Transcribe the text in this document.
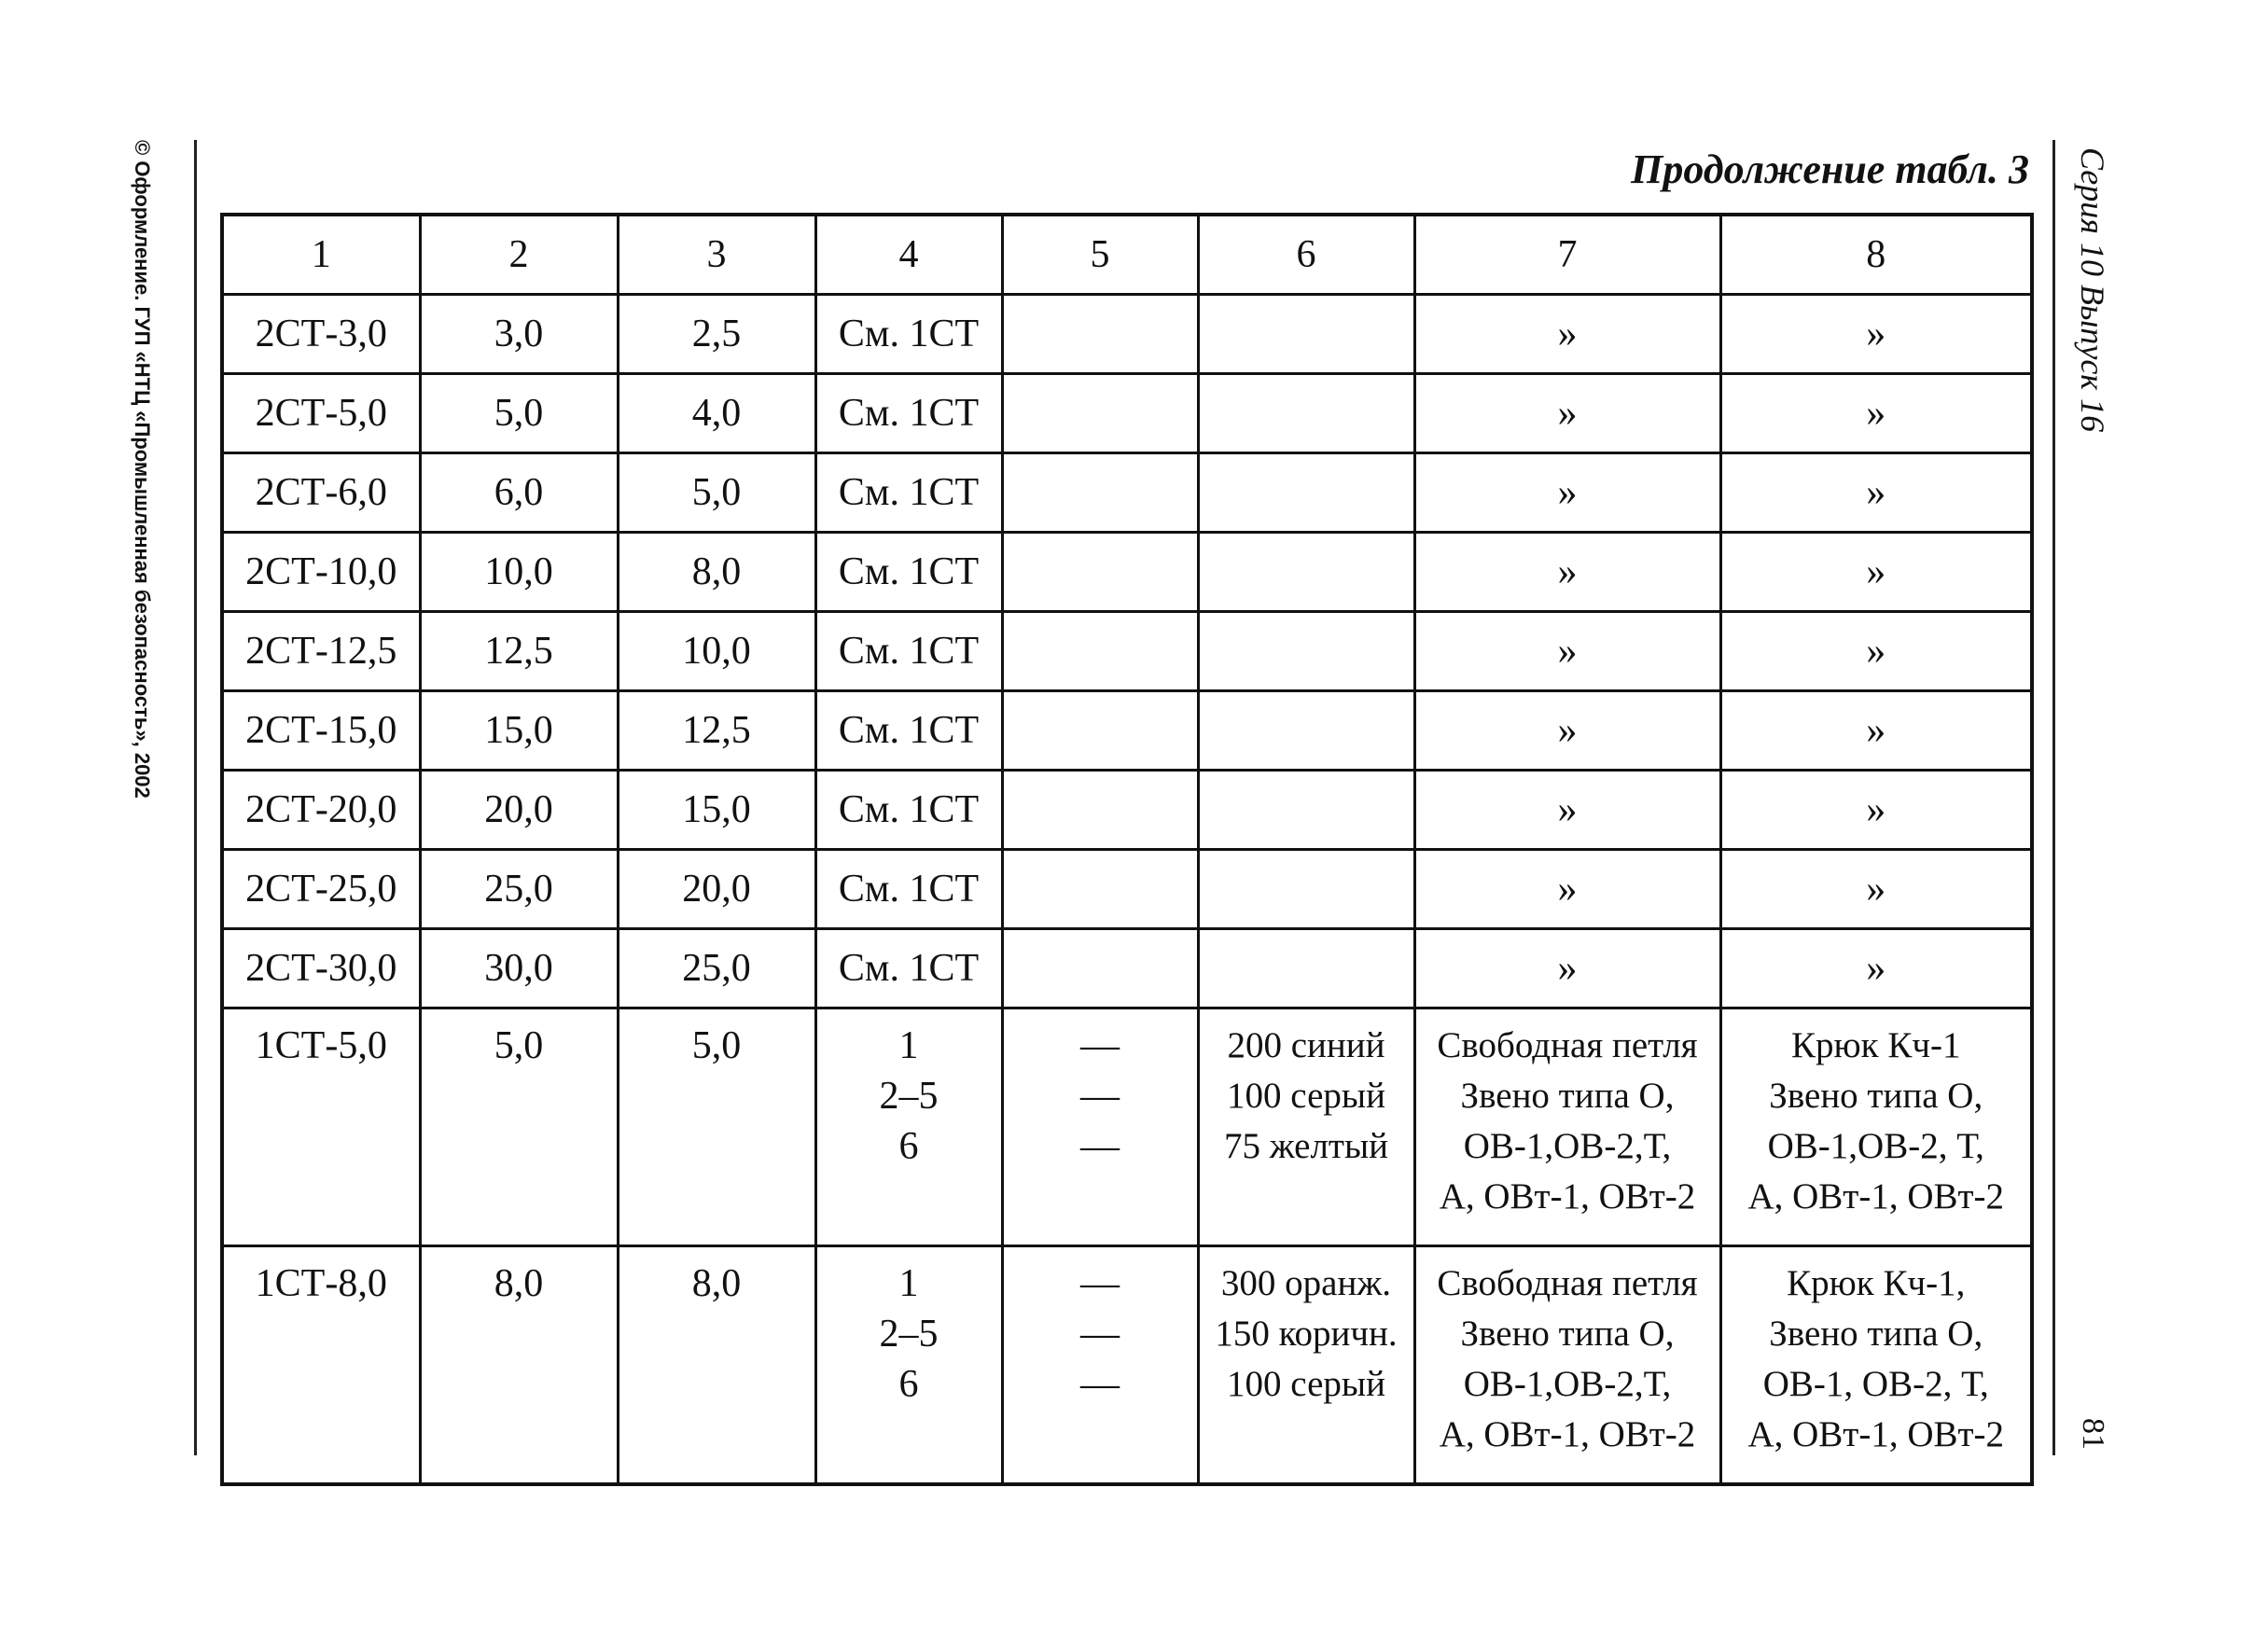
© Оформление. ГУП «НТЦ «Промышленная безопасность», 2002	Серия 10 Выпуск 16
81
Продолжение табл. 3
1	2	3	4	5	6	7	8
2СТ-3,0	3,0	2,5	См. 1СТ			»	»
2СТ-5,0	5,0	4,0	См. 1СТ			»	»
2СТ-6,0	6,0	5,0	См. 1СТ			»	»
2СТ-10,0	10,0	8,0	См. 1СТ			»	»
2СТ-12,5	12,5	10,0	См. 1СТ			»	»
2СТ-15,0	15,0	12,5	См. 1СТ			»	»
2СТ-20,0	20,0	15,0	См. 1СТ			»	»
2СТ-25,0	25,0	20,0	См. 1СТ			»	»
2СТ-30,0	30,0	25,0	См. 1СТ			»	»
1СТ-5,0	5,0	5,0	1
2–5
6	—
—
—	200 синий
100 серый
75 желтый	Свободная петля
Звено типа О,
ОВ-1,ОВ-2,Т,
А, ОВт-1, ОВт-2	Крюк Кч-1
Звено типа О,
ОВ-1,ОВ-2, Т,
А, ОВт-1, ОВт-2

1СТ-8,0	8,0	8,0	1
2–5
6	—
—
—	300 оранж.
150 коричн.
100 серый	Свободная петля
Звено типа О,
ОВ-1,ОВ-2,Т,
А, ОВт-1, ОВт-2	Крюк Кч-1,
Звено типа О,
ОВ-1, ОВ-2, Т,
А, ОВт-1, ОВт-2
